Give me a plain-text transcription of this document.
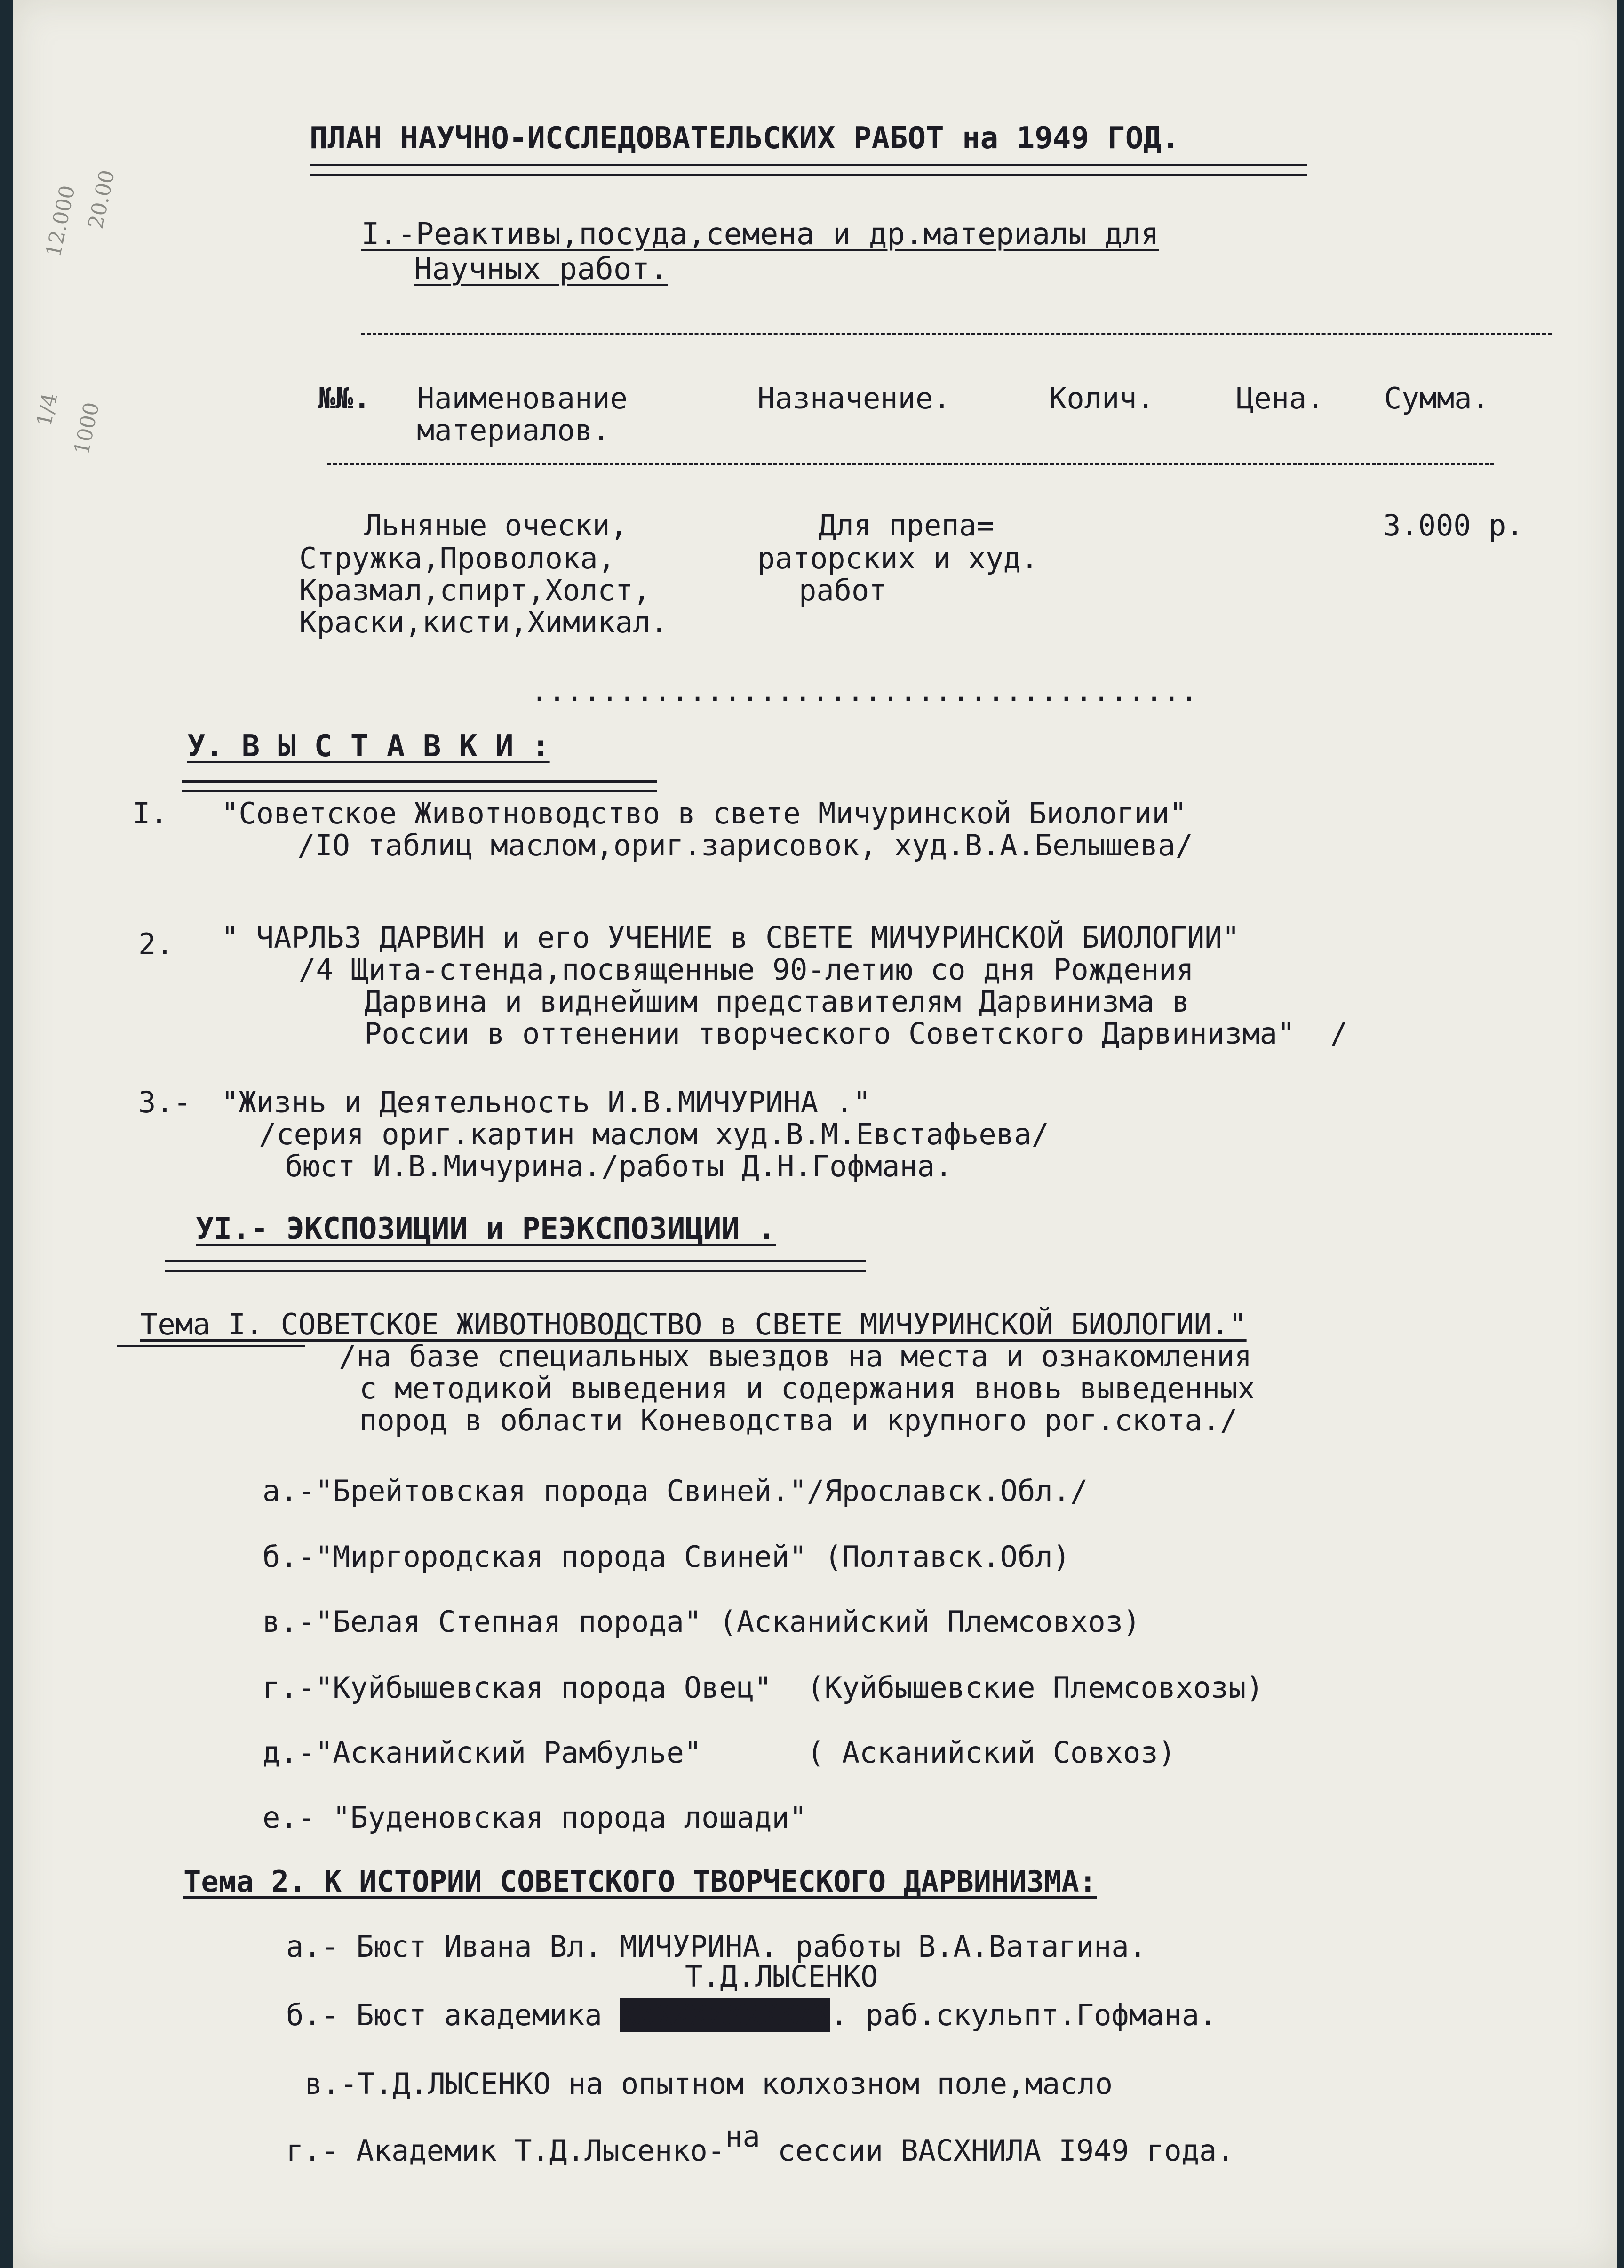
12.000 20.00
1/4 1000
ПЛАН НАУЧНО-ИССЛЕДОВАТЕЛЬСКИХ РАБОТ на 1949 ГОД.
I.-Реактивы,посуда,семена и др.материалы для
Научных работ.
№№. Наименование
материалов.
Назначение.	Колич.	Цена. Сумма.
Льняные очески,
Стружка,Проволока,
Кразмал,спирт,Холст,
Краски,кисти,Химикал.
Для препа=
раторских и худ.
работ
3.000 р.
......................................
У. В Ы С Т А В К И :
I. "Советское Животноводство в свете Мичуринской Биологии"
/IO таблиц маслом,ориг.зарисовок, худ.В.А.Белышева/
2. " ЧАРЛЬЗ ДАРВИН и его УЧЕНИЕ в СВЕТЕ МИЧУРИНСКОЙ БИОЛОГИИ"
/4 Щита-стенда,посвященные 90-летию со дня Рождения
Дарвина и виднейшим представителям Дарвинизма в
России в оттенении творческого Советского Дарвинизма"  /
3.- "Жизнь и Деятельность И.В.МИЧУРИНА ."
/серия ориг.картин маслом худ.В.М.Евстафьева/
бюст И.В.Мичурина./работы Д.Н.Гофмана.
УI.- ЭКСПОЗИЦИИ и РЕЭКСПОЗИЦИИ .
Тема I. СОВЕТСКОЕ ЖИВОТНОВОДСТВО в СВЕТЕ МИЧУРИНСКОЙ БИОЛОГИИ."
/на базе специальных выездов на места и ознакомления
с методикой выведения и содержания вновь выведенных
пород в области Коневодства и крупного рог.скота./
а.-"Брейтовская порода Свиней."/Ярославск.Обл./
б.-"Миргородская порода Свиней" (Полтавск.Обл)
в.-"Белая Степная порода" (Асканийский Племсовхоз)
г.-"Куйбышевская порода Овец"  (Куйбышевские Племсовхозы)
д.-"Асканийский Рамбулье"      ( Асканийский Совхоз)
е.- "Буденовская порода лошади"
Тема 2. К ИСТОРИИ СОВЕТСКОГО ТВОРЧЕСКОГО ДАРВИНИЗМА:
а.- Бюст Ивана Вл. МИЧУРИНА. работы В.А.Ватагина.
Т.Д.ЛЫСЕНКО
б.- Бюст академика XXXXXXXXXXXX. раб.скульпт.Гофмана.
в.-Т.Д.ЛЫСЕНКО на опытном колхозном поле,масло
г.- Академик Т.Д.Лысенко-на сессии ВАСХНИЛА I949 года.
